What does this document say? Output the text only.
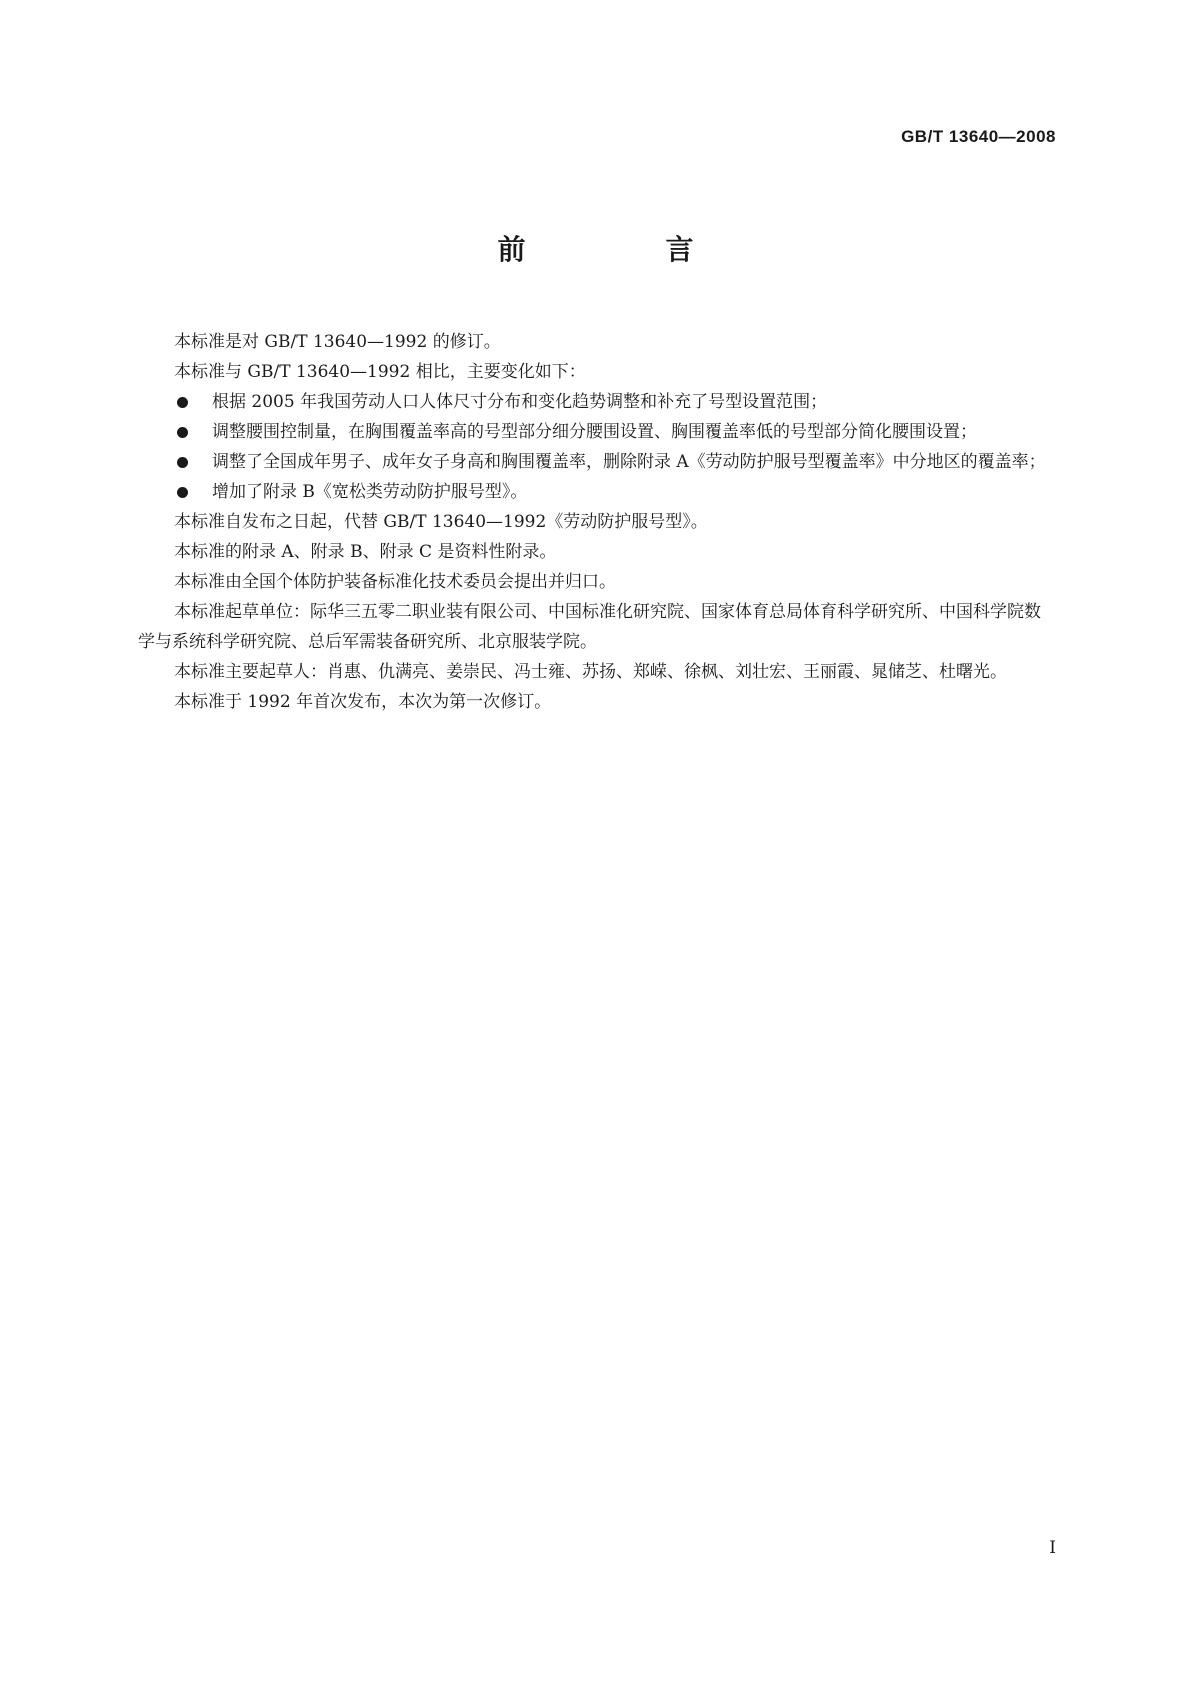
GB/T 13640—2008
前　言

本标准是对 GB/T 13640—1992 的修订。

本标准与 GB/T 13640—1992 相比，主要变化如下：

根据 2005 年我国劳动人口人体尺寸分布和变化趋势调整和补充了号型设置范围；
调整腰围控制量，在胸围覆盖率高的号型部分细分腰围设置、胸围覆盖率低的号型部分简化腰围设置；
调整了全国成年男子、成年女子身高和胸围覆盖率，删除附录 A《劳动防护服号型覆盖率》中分地区的覆盖率；
增加了附录 B《宽松类劳动防护服号型》。

本标准自发布之日起，代替 GB/T 13640—1992《劳动防护服号型》。

本标准的附录 A、附录 B、附录 C 是资料性附录。

本标准由全国个体防护装备标准化技术委员会提出并归口。

本标准起草单位：际华三五零二职业装有限公司、中国标准化研究院、国家体育总局体育科学研究所、中国科学院数学与系统科学研究院、总后军需装备研究所、北京服装学院。

本标准主要起草人：肖惠、仇满亮、姜崇民、冯士雍、苏扬、郑嵘、徐枫、刘壮宏、王丽霞、晁储芝、杜曙光。

本标准于 1992 年首次发布，本次为第一次修订。

I
